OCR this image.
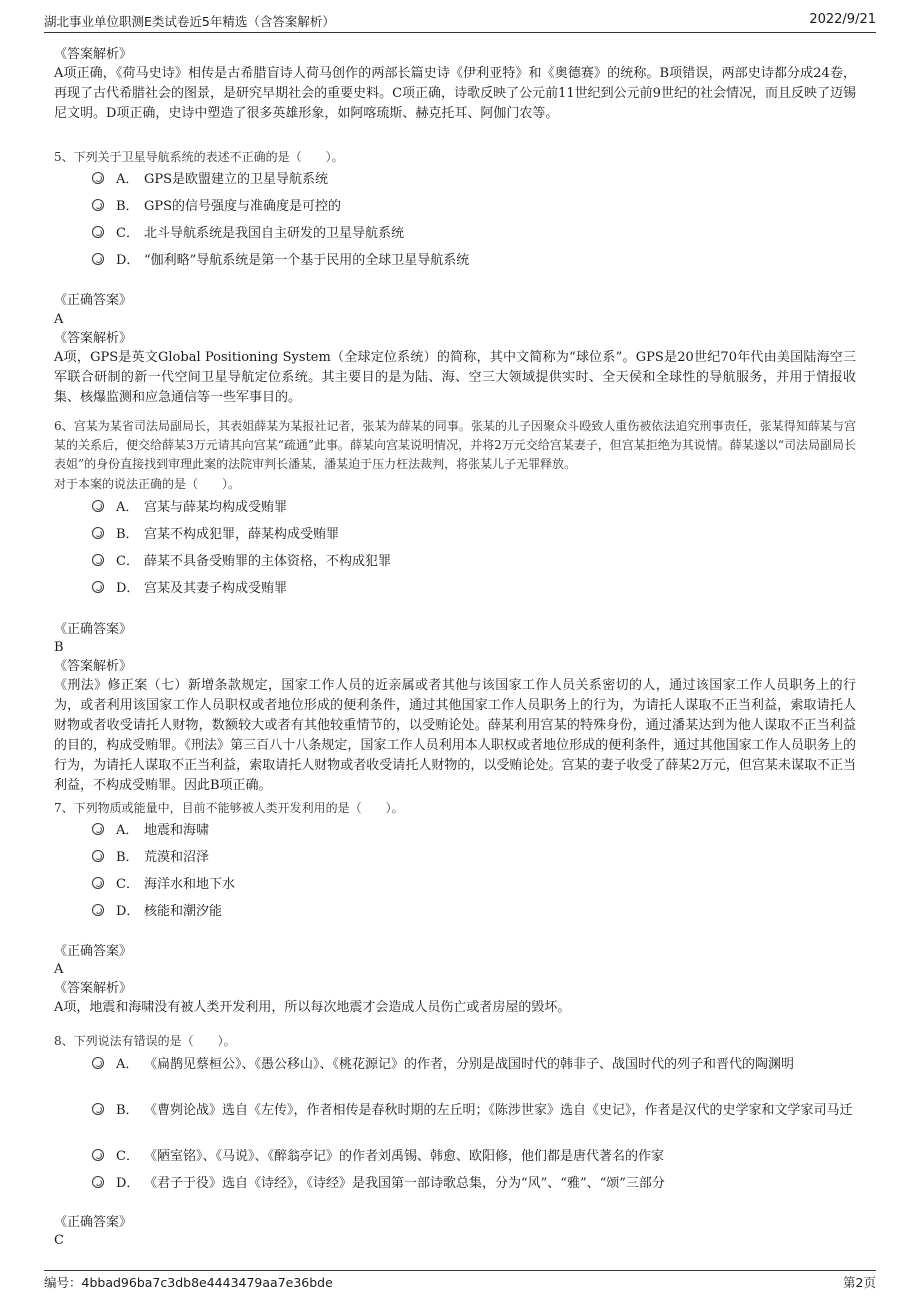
湖北事业单位职测E类试卷近5年精选（含答案解析）	2022/9/21
www.zixin.com.cn
《答案解析》
A项正确，《荷马史诗》相传是古希腊盲诗人荷马创作的两部长篇史诗《伊利亚特》和《奥德赛》的统称。B项错误，两部史诗都分成24卷，再现了古代希腊社会的图景，是研究早期社会的重要史料。C项正确，诗歌反映了公元前11世纪到公元前9世纪的社会情况，而且反映了迈锡尼文明。D项正确，史诗中塑造了很多英雄形象，如阿喀琉斯、赫克托耳、阿伽门农等。
5、下列关于卫星导航系统的表述不正确的是（　　）。
A． GPS是欧盟建立的卫星导航系统
B． GPS的信号强度与准确度是可控的
C． 北斗导航系统是我国自主研发的卫星导航系统
D． “伽利略”导航系统是第一个基于民用的全球卫星导航系统
《正确答案》
A
《答案解析》
A项，GPS是英文Global Positioning System（全球定位系统）的简称，其中文简称为“球位系”。GPS是20世纪70年代由美国陆海空三军联合研制的新一代空间卫星导航定位系统。其主要目的是为陆、海、空三大领域提供实时、全天侯和全球性的导航服务，并用于情报收集、核爆监测和应急通信等一些军事目的。
6、宫某为某省司法局副局长，其表姐薛某为某报社记者，张某为薛某的同事。张某的儿子因聚众斗殴致人重伤被依法追究刑事责任，张某得知薛某与宫某的关系后，便交给薛某3万元请其向宫某“疏通”此事。薛某向宫某说明情况，并将2万元交给宫某妻子，但宫某拒绝为其说情。薛某遂以“司法局副局长表姐”的身份直接找到审理此案的法院审判长潘某，潘某迫于压力枉法裁判，将张某儿子无罪释放。
对于本案的说法正确的是（　　）。
A． 宫某与薛某均构成受贿罪
B． 宫某不构成犯罪，薛某构成受贿罪
C． 薛某不具备受贿罪的主体资格，不构成犯罪
D． 宫某及其妻子构成受贿罪
《正确答案》
B
《答案解析》
《刑法》修正案（七）新增条款规定，国家工作人员的近亲属或者其他与该国家工作人员关系密切的人，通过该国家工作人员职务上的行为，或者利用该国家工作人员职权或者地位形成的便利条件，通过其他国家工作人员职务上的行为，为请托人谋取不正当利益，索取请托人财物或者收受请托人财物，数额较大或者有其他较重情节的，以受贿论处。薛某利用宫某的特殊身份，通过潘某达到为他人谋取不正当利益的目的，构成受贿罪。《刑法》第三百八十八条规定，国家工作人员利用本人职权或者地位形成的便利条件，通过其他国家工作人员职务上的行为，为请托人谋取不正当利益，索取请托人财物或者收受请托人财物的，以受贿论处。宫某的妻子收受了薛某2万元，但宫某未谋取不正当利益，不构成受贿罪。因此B项正确。
7、下列物质或能量中，目前不能够被人类开发利用的是（　　）。
A． 地震和海啸
B． 荒漠和沼泽
C． 海洋水和地下水
D． 核能和潮汐能
《正确答案》
A
《答案解析》
A项，地震和海啸没有被人类开发利用，所以每次地震才会造成人员伤亡或者房屋的毁坏。
8、下列说法有错误的是（　　）。
A． 《扁鹊见蔡桓公》、《愚公移山》、《桃花源记》的作者，分别是战国时代的韩非子、战国时代的列子和晋代的陶渊明
B． 《曹刿论战》选自《左传》，作者相传是春秋时期的左丘明；《陈涉世家》选自《史记》，作者是汉代的史学家和文学家司马迁
C． 《陋室铭》、《马说》、《醉翁亭记》的作者刘禹锡、韩愈、欧阳修，他们都是唐代著名的作家
D． 《君子于役》选自《诗经》，《诗经》是我国第一部诗歌总集，分为“风”、“雅”、“颂”三部分
《正确答案》
C
编号：4bbad96ba7c3db8e4443479aa7e36bde	第2页
